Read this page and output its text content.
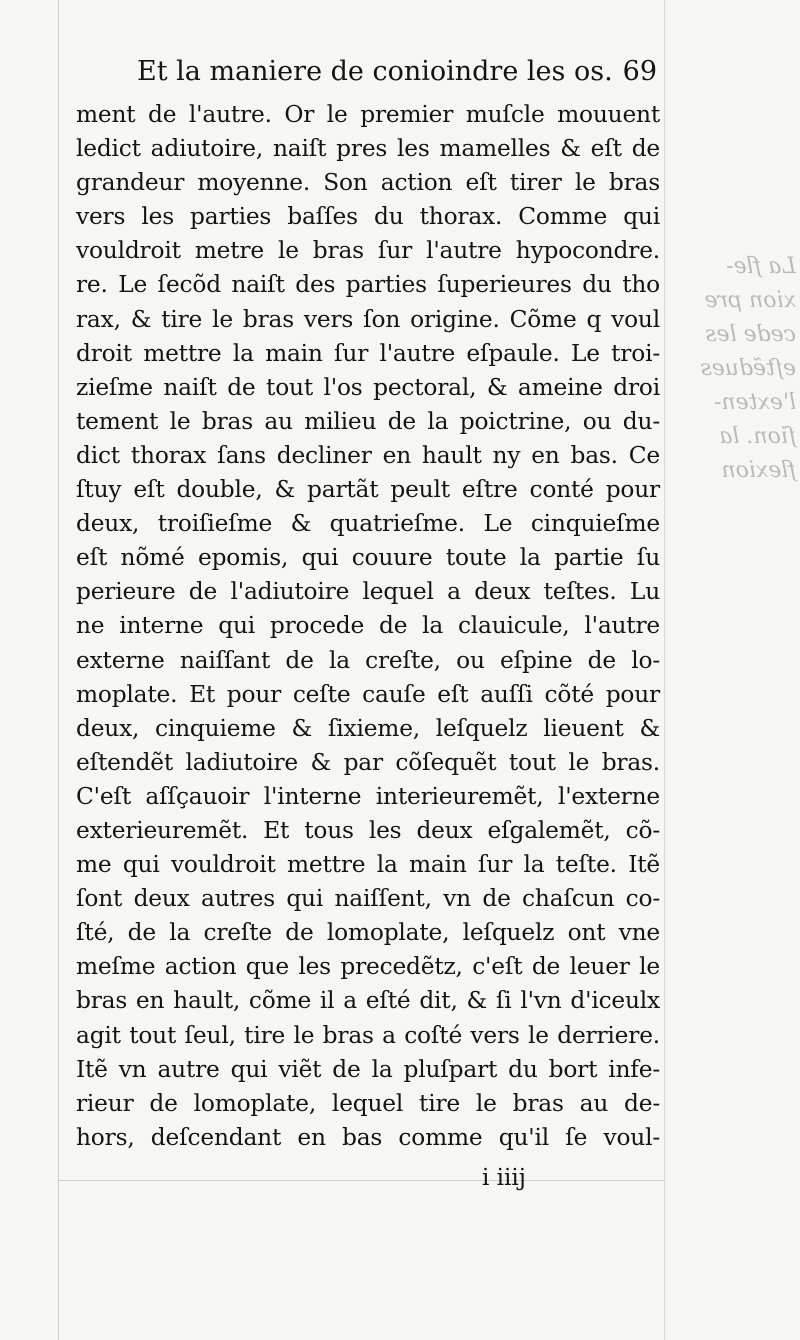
La fle-
xion pre
cede les
eſtẽdues
l'exten-
ſion. la
flexion
Et la maniere de conioindre les os. 69
ment de l'autre. Or le premier muſcle mouuent
ledict adiutoire, naiſt pres les mamelles & eſt de
grandeur moyenne. Son action eſt tirer le bras
vers les parties baſſes du thorax. Comme qui
vouldroit metre le bras ſur l'autre hypocondre.
re. Le ſecõd naiſt des parties ſuperieures du tho
rax, & tire le bras vers ſon origine. Cõme q voul
droit mettre la main ſur l'autre eſpaule. Le troi-
zieſme naiſt de tout l'os pectoral, & ameine droi
tement le bras au milieu de la poictrine, ou du-
dict thorax ſans decliner en hault ny en bas. Ce
ſtuy eſt double, & partãt peult eſtre conté pour
deux, troiſieſme & quatrieſme. Le cinquieſme
eſt nõmé epomis, qui couure toute la partie ſu
perieure de l'adiutoire lequel a deux teſtes. Lu
ne interne qui procede de la clauicule, l'autre
externe naiſſant de la creſte, ou eſpine de lo-
moplate. Et pour ceſte cauſe eſt auſſi cõté pour
deux, cinquieme & ſixieme, leſquelz lieuent &
eſtendẽt ladiutoire & par cõſequẽt tout le bras.
C'eſt aſſçauoir l'interne interieuremẽt, l'externe
exterieuremẽt. Et tous les deux eſgalemẽt, cõ-
me qui vouldroit mettre la main ſur la teſte. Itẽ
ſont deux autres qui naiſſent, vn de chaſcun co-
ſté, de la creſte de lomoplate, leſquelz ont vne
meſme action que les precedẽtz, c'eſt de leuer le
bras en hault, cõme il a eſté dit, & ſi l'vn d'iceulx
agit tout ſeul, tire le bras a coſté vers le derriere.
Itẽ vn autre qui viẽt de la pluſpart du bort infe-
rieur de lomoplate, lequel tire le bras au de-
hors, deſcendant en bas comme qu'il ſe voul-
i iiij
